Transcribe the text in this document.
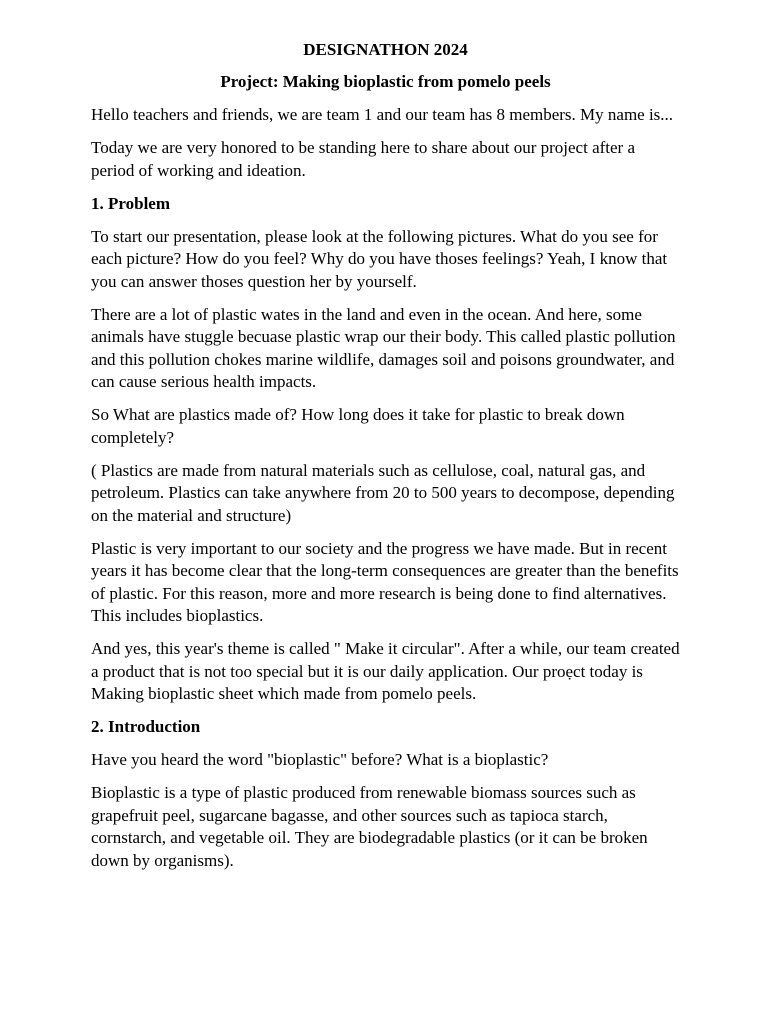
DESIGNATHON 2024

Project: Making bioplastic from pomelo peels

Hello teachers and friends, we are team 1 and our team has 8 members. My name is...

Today we are very honored to be standing here to share about our project after a period of working and ideation.

1. Problem

To start our presentation, please look at the following pictures. What do you see for each picture? How do you feel? Why do you have thoses feelings? Yeah, I know that you can answer thoses question her by yourself.

There are a lot of plastic wates in the land and even in the ocean. And here, some animals have stuggle becuase plastic wrap our their body. This called plastic pollution and this pollution chokes marine wildlife, damages soil and poisons groundwater, and can cause serious health impacts.

So What are plastics made of? How long does it take for plastic to break down completely?

( Plastics are made from natural materials such as cellulose, coal, natural gas, and petroleum. Plastics can take anywhere from 20 to 500 years to decompose, depending on the material and structure)

Plastic is very important to our society and the progress we have made. But in recent years it has become clear that the long-term consequences are greater than the benefits of plastic. For this reason, more and more research is being done to find alternatives. This includes bioplastics.

And yes, this year's theme is called " Make it circular". After a while, our team created a product that is not too special but it is our daily application. Our proẹct today is Making bioplastic sheet which made from pomelo peels.

2. Introduction

Have you heard the word "bioplastic" before? What is a bioplastic?

Bioplastic is a type of plastic produced from renewable biomass sources such as grapefruit peel, sugarcane bagasse, and other sources such as tapioca starch, cornstarch, and vegetable oil. They are biodegradable plastics (or it can be broken down by organisms).
